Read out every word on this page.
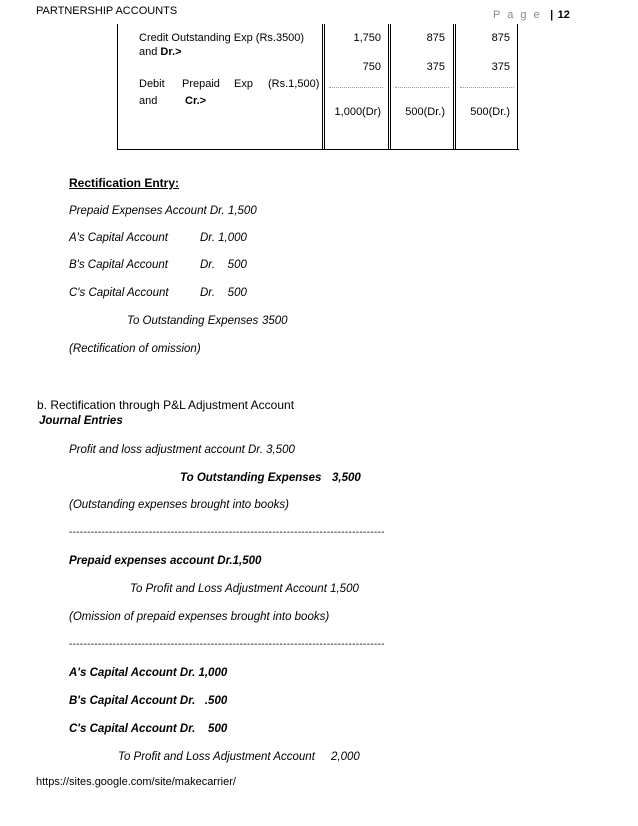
PARTNERSHIP ACCOUNTS	P a g e | 12
Credit Outstanding Exp (Rs.3500)
and Dr.>
1,750	875	875
750	375	375
Debit Prepaid Exp (Rs.1,500)
and	Cr.>
1,000(Dr) 500(Dr.) 500(Dr.)
Rectification Entry:
Prepaid Expenses Account Dr. 1,500
A's Capital Account	Dr. 1,000
B's Capital Account	Dr.    500
C's Capital Account	Dr.    500
To Outstanding Expenses 3500
(Rectification of omission)
b. Rectification through P&L Adjustment Account
Journal Entries
Profit and loss adjustment account Dr. 3,500
To Outstanding Expenses 3,500
(Outstanding expenses brought into books)
---------------------------------------------------------------------------------------
Prepaid expenses account Dr.1,500
To Profit and Loss Adjustment Account 1,500
(Omission of prepaid expenses brought into books)
---------------------------------------------------------------------------------------
A's Capital Account Dr. 1,000
B's Capital Account Dr.   .500
C's Capital Account Dr.    500
To Profit and Loss Adjustment Account 2,000
https://sites.google.com/site/makecarrier/
